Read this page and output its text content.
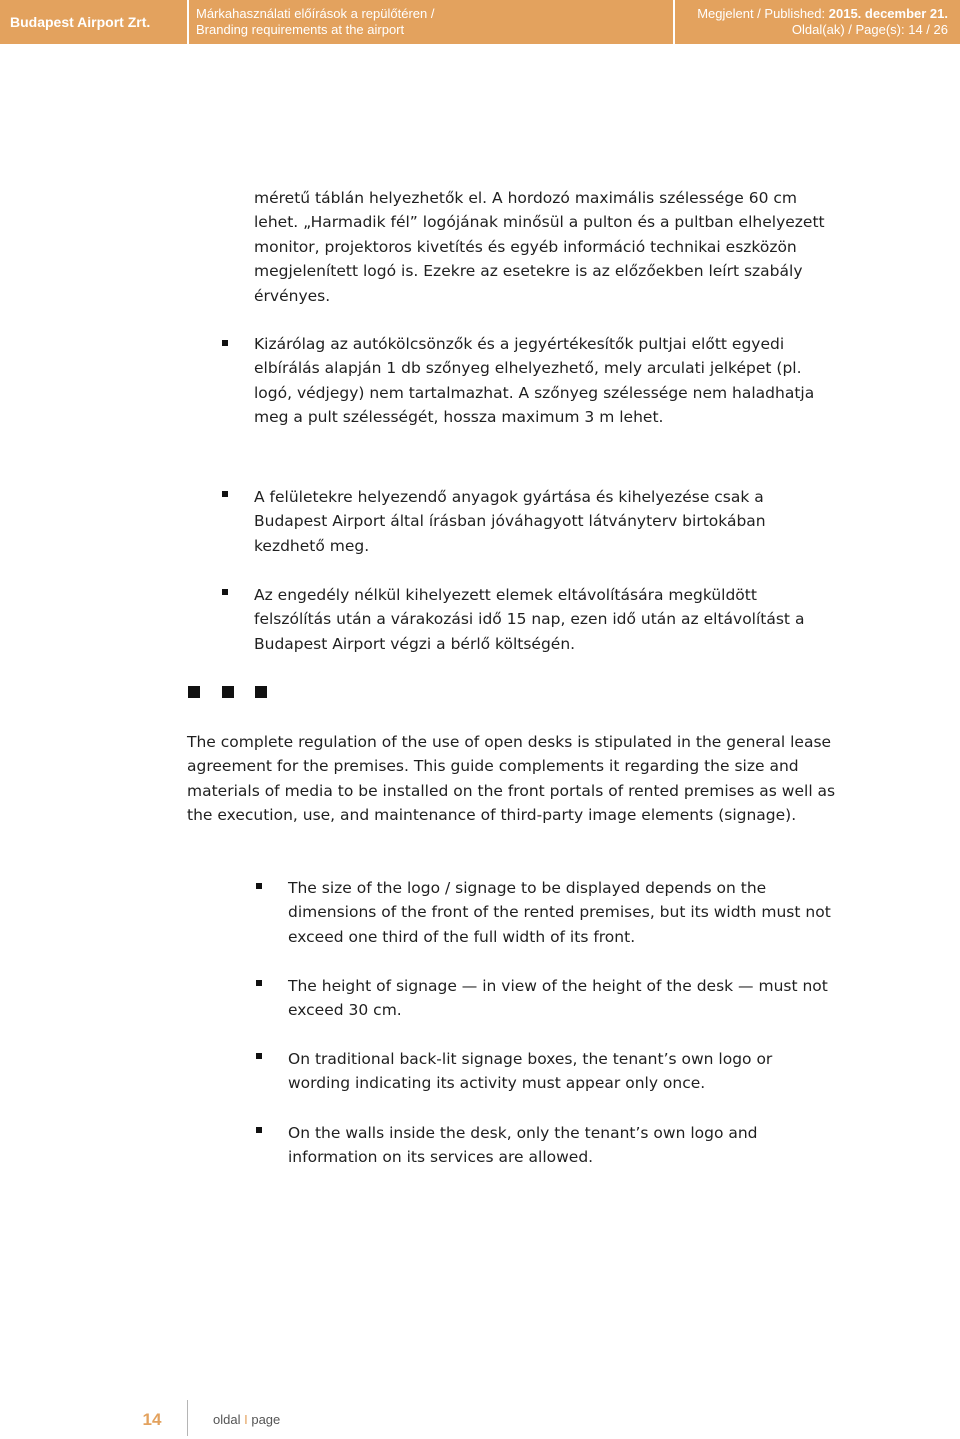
Budapest Airport Zrt.
Márkahasználati előírások a repülőtéren /
Branding requirements at the airport
Megjelent / Published: 2015. december 21.
Oldal(ak) / Page(s): 14 / 26

méretű táblán helyezhetők el. A hordozó maximális szélessége 60 cm lehet. „Harmadik fél” logójának minősül a pulton és a pultban elhelyezett monitor, projektoros kivetítés és egyéb információ technikai eszközön megjelenített logó is. Ezekre az esetekre is az előzőekben leírt szabály érvényes.

Kizárólag az autókölcsönzők és a jegyértékesítők pultjai előtt egyedi elbírálás alapján 1 db szőnyeg elhelyezhető, mely arculati jelképet (pl. logó, védjegy) nem tartalmazhat. A szőnyeg szélessége nem haladhatja meg a pult szélességét, hossza maximum 3 m lehet.

A felületekre helyezendő anyagok gyártása és kihelyezése csak a Budapest Airport által írásban jóváhagyott látványterv birtokában kezdhető meg.

Az engedély nélkül kihelyezett elemek eltávolítására megküldött felszólítás után a várakozási idő 15 nap, ezen idő után az eltávolítást a Budapest Airport végzi a bérlő költségén.

The complete regulation of the use of open desks is stipulated in the general lease agreement for the premises. This guide complements it regarding the size and materials of media to be installed on the front portals of rented premises as well as the execution, use, and maintenance of third-party image elements (signage).

The size of the logo / signage to be displayed depends on the dimensions of the front of the rented premises, but its width must not exceed one third of the full width of its front.

The height of signage — in view of the height of the desk — must not exceed 30 cm.

On traditional back-lit signage boxes, the tenant’s own logo or wording indicating its activity must appear only once.

On the walls inside the desk, only the tenant’s own logo and information on its services are allowed.

14	oldal I page
